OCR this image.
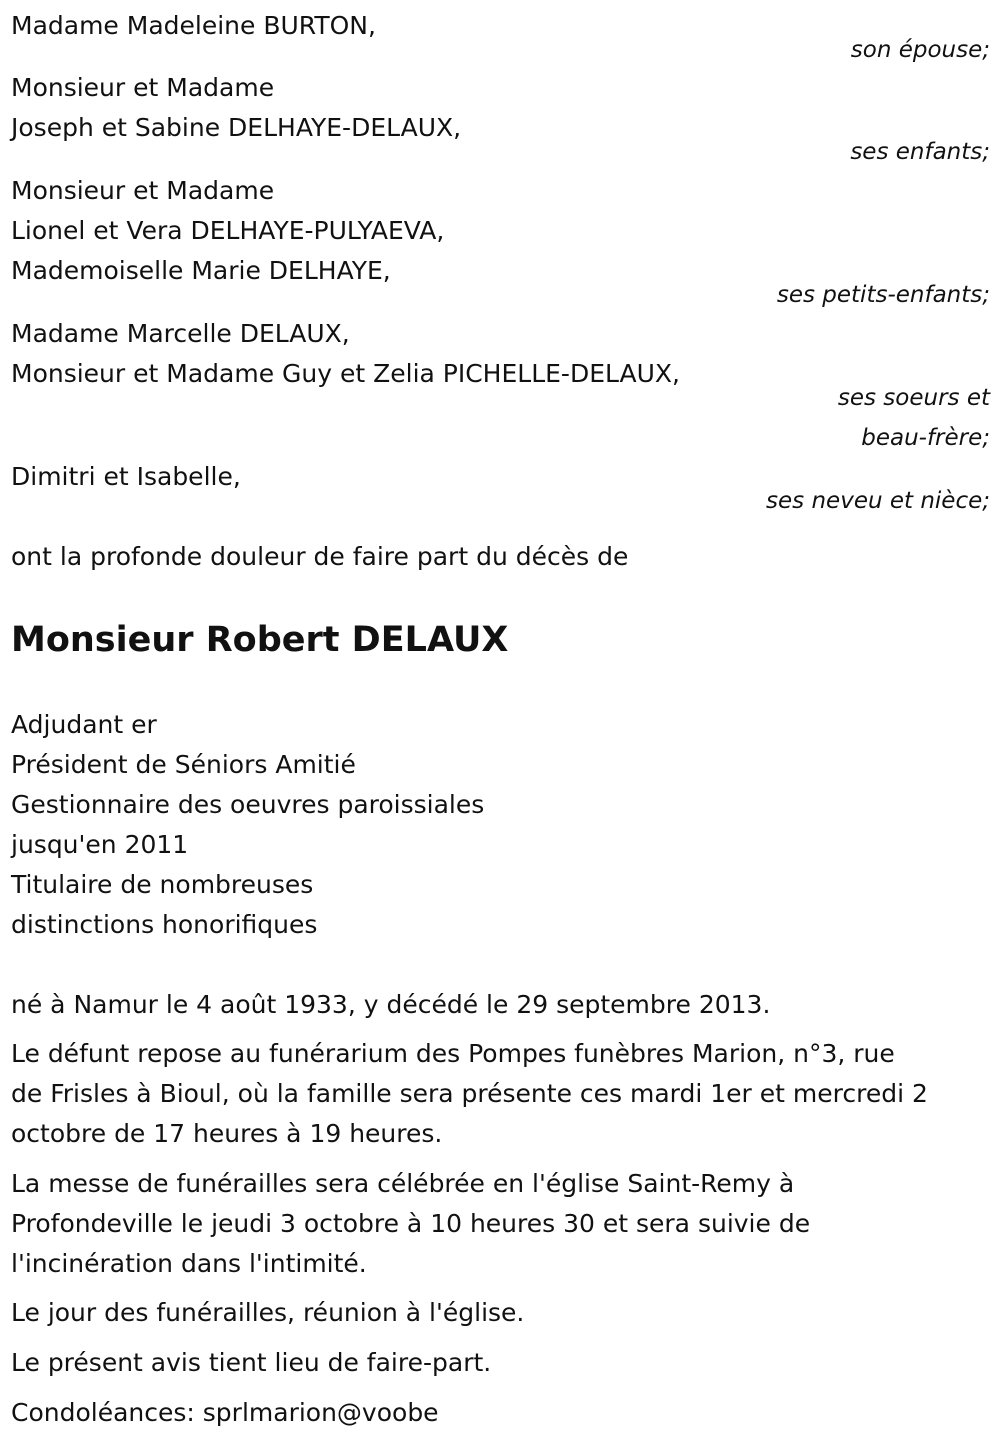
Madame Madeleine BURTON,
son épouse;
Monsieur et Madame
Joseph et Sabine DELHAYE-DELAUX,
ses enfants;
Monsieur et Madame
Lionel et Vera DELHAYE-PULYAEVA,
Mademoiselle Marie DELHAYE,
ses petits-enfants;
Madame Marcelle DELAUX,
Monsieur et Madame Guy et Zelia PICHELLE-DELAUX,
ses soeurs et
beau-frère;
Dimitri et Isabelle,
ses neveu et nièce;
ont la profonde douleur de faire part du décès de
Monsieur Robert DELAUX
Adjudant er
Président de Séniors Amitié
Gestionnaire des oeuvres paroissiales
jusqu'en 2011
Titulaire de nombreuses
distinctions honorifiques
né à Namur le 4 août 1933, y décédé le 29 septembre 2013.
Le défunt repose au funérarium des Pompes funèbres Marion, n°3, rue
de Frisles à Bioul, où la famille sera présente ces mardi 1er et mercredi 2
octobre de 17 heures à 19 heures.
La messe de funérailles sera célébrée en l'église Saint-Remy à
Profondeville le jeudi 3 octobre à 10 heures 30 et sera suivie de
l'incinération dans l'intimité.
Le jour des funérailles, réunion à l'église.
Le présent avis tient lieu de faire-part.
Condoléances: sprlmarion@voobe
